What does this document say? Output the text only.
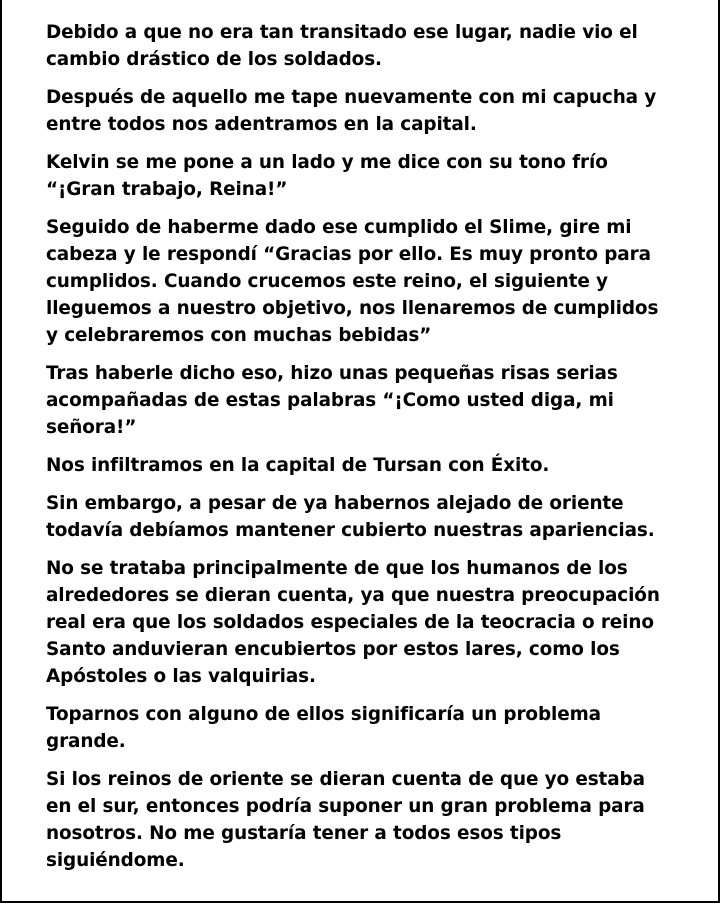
Debido a que no era tan transitado ese lugar, nadie vio el cambio drástico de los soldados.

Después de aquello me tape nuevamente con mi capucha y entre todos nos adentramos en la capital.

Kelvin se me pone a un lado y me dice con su tono frío “¡Gran trabajo, Reina!”

Seguido de haberme dado ese cumplido el Slime, gire mi cabeza y le respondí “Gracias por ello. Es muy pronto para cumplidos. Cuando crucemos este reino, el siguiente y lleguemos a nuestro objetivo, nos llenaremos de cumplidos y celebraremos con muchas bebidas”

Tras haberle dicho eso, hizo unas pequeñas risas serias acompañadas de estas palabras “¡Como usted diga, mi señora!”

Nos infiltramos en la capital de Tursan con Éxito.

Sin embargo, a pesar de ya habernos alejado de oriente todavía debíamos mantener cubierto nuestras apariencias.

No se trataba principalmente de que los humanos de los alrededores se dieran cuenta, ya que nuestra preocupación real era que los soldados especiales de la teocracia o reino Santo anduvieran encubiertos por estos lares, como los Apóstoles o las valquirias.

Toparnos con alguno de ellos significaría un problema grande.

Si los reinos de oriente se dieran cuenta de que yo estaba en el sur, entonces podría suponer un gran problema para nosotros. No me gustaría tener a todos esos tipos siguiéndome.
